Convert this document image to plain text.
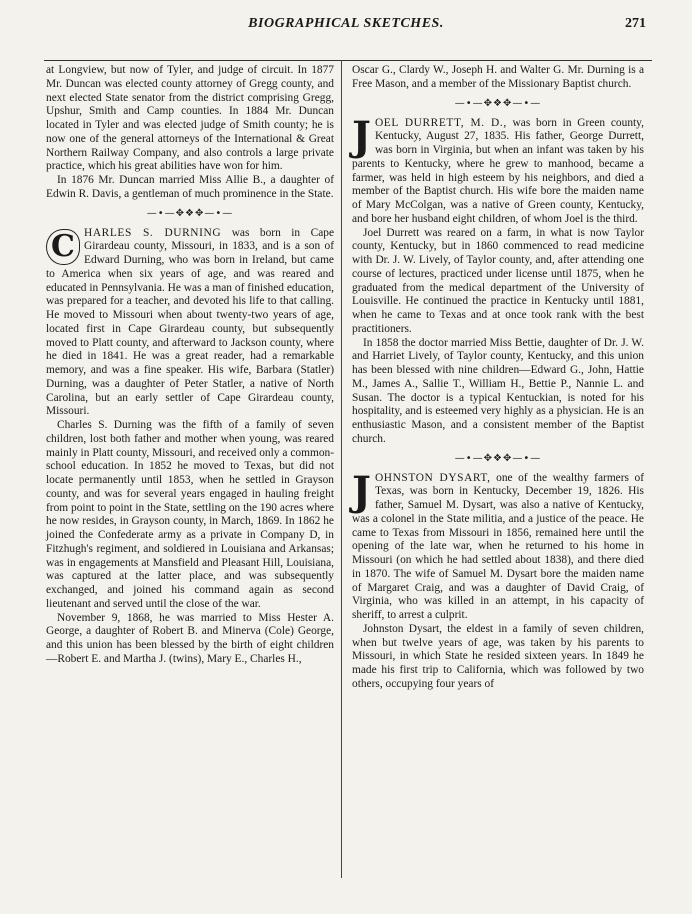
BIOGRAPHICAL SKETCHES.	271

at Longview, but now of Tyler, and judge of circuit. In 1877 Mr. Duncan was elected county attorney of Gregg county, and next elected State senator from the district comprising Gregg, Upshur, Smith and Camp counties. In 1884 Mr. Duncan located in Tyler and was elected judge of Smith county; he is now one of the general attorneys of the International & Great Northern Railway Company, and also controls a large private practice, which his great abilities have won for him.

In 1876 Mr. Duncan married Miss Allie B., a daughter of Edwin R. Davis, a gentleman of much prominence in the State.

—•—✥❖✥—•—

C HARLES S. DURNING was born in Cape Girardeau county, Missouri, in 1833, and is a son of Edward Durning, who was born in Ireland, but came to America when six years of age, and was reared and educated in Pennsylvania. He was a man of finished education, was prepared for a teacher, and devoted his life to that calling. He moved to Missouri when about twenty-two years of age, located first in Cape Girardeau county, but subsequently moved to Platt county, and afterward to Jackson county, where he died in 1841. He was a great reader, had a remarkable memory, and was a fine speaker. His wife, Barbara (Statler) Durning, was a daughter of Peter Statler, a native of North Carolina, but an early settler of Cape Girardeau county, Missouri.

Charles S. Durning was the fifth of a family of seven children, lost both father and mother when young, was reared mainly in Platt county, Missouri, and received only a common-school education. In 1852 he moved to Texas, but did not locate permanently until 1853, when he settled in Grayson county, and was for several years engaged in hauling freight from point to point in the State, settling on the 190 acres where he now resides, in Grayson county, in March, 1869. In 1862 he joined the Confederate army as a private in Company D, in Fitzhugh's regiment, and soldiered in Louisiana and Arkansas; was in engagements at Mansfield and Pleasant Hill, Louisiana, was captured at the latter place, and was subsequently exchanged, and joined his command again as second lieutenant and served until the close of the war.

November 9, 1868, he was married to Miss Hester A. George, a daughter of Robert B. and Minerva (Cole) George, and this union has been blessed by the birth of eight children—Robert E. and Martha J. (twins), Mary E., Charles H.,

Oscar G., Clardy W., Joseph H. and Walter G. Mr. Durning is a Free Mason, and a member of the Missionary Baptist church.

—•—✥❖✥—•—

JOEL DURRETT, M. D., was born in Green county, Kentucky, August 27, 1835. His father, George Durrett, was born in Virginia, but when an infant was taken by his parents to Kentucky, where he grew to manhood, became a farmer, was held in high esteem by his neighbors, and died a member of the Baptist church. His wife bore the maiden name of Mary McColgan, was a native of Green county, Kentucky, and bore her husband eight children, of whom Joel is the third.

Joel Durrett was reared on a farm, in what is now Taylor county, Kentucky, but in 1860 commenced to read medicine with Dr. J. W. Lively, of Taylor county, and, after attending one course of lectures, practiced under license until 1875, when he graduated from the medical department of the University of Louisville. He continued the practice in Kentucky until 1881, when he came to Texas and at once took rank with the best practitioners.

In 1858 the doctor married Miss Bettie, daughter of Dr. J. W. and Harriet Lively, of Taylor county, Kentucky, and this union has been blessed with nine children—Edward G., John, Hattie M., James A., Sallie T., William H., Bettie P., Nannie L. and Susan. The doctor is a typical Kentuckian, is noted for his hospitality, and is esteemed very highly as a physician. He is an enthusiastic Mason, and a consistent member of the Baptist church.

—•—✥❖✥—•—

JOHNSTON DYSART, one of the wealthy farmers of Texas, was born in Kentucky, December 19, 1826. His father, Samuel M. Dysart, was also a native of Kentucky, was a colonel in the State militia, and a justice of the peace. He came to Texas from Missouri in 1856, remained here until the opening of the late war, when he returned to his home in Missouri (on which he had settled about 1838), and there died in 1870. The wife of Samuel M. Dysart bore the maiden name of Margaret Craig, and was a daughter of David Craig, of Virginia, who was killed in an attempt, in his capacity of sheriff, to arrest a culprit.

Johnston Dysart, the eldest in a family of seven children, when but twelve years of age, was taken by his parents to Missouri, in which State he resided sixteen years. In 1849 he made his first trip to California, which was followed by two others, occupying four years of
